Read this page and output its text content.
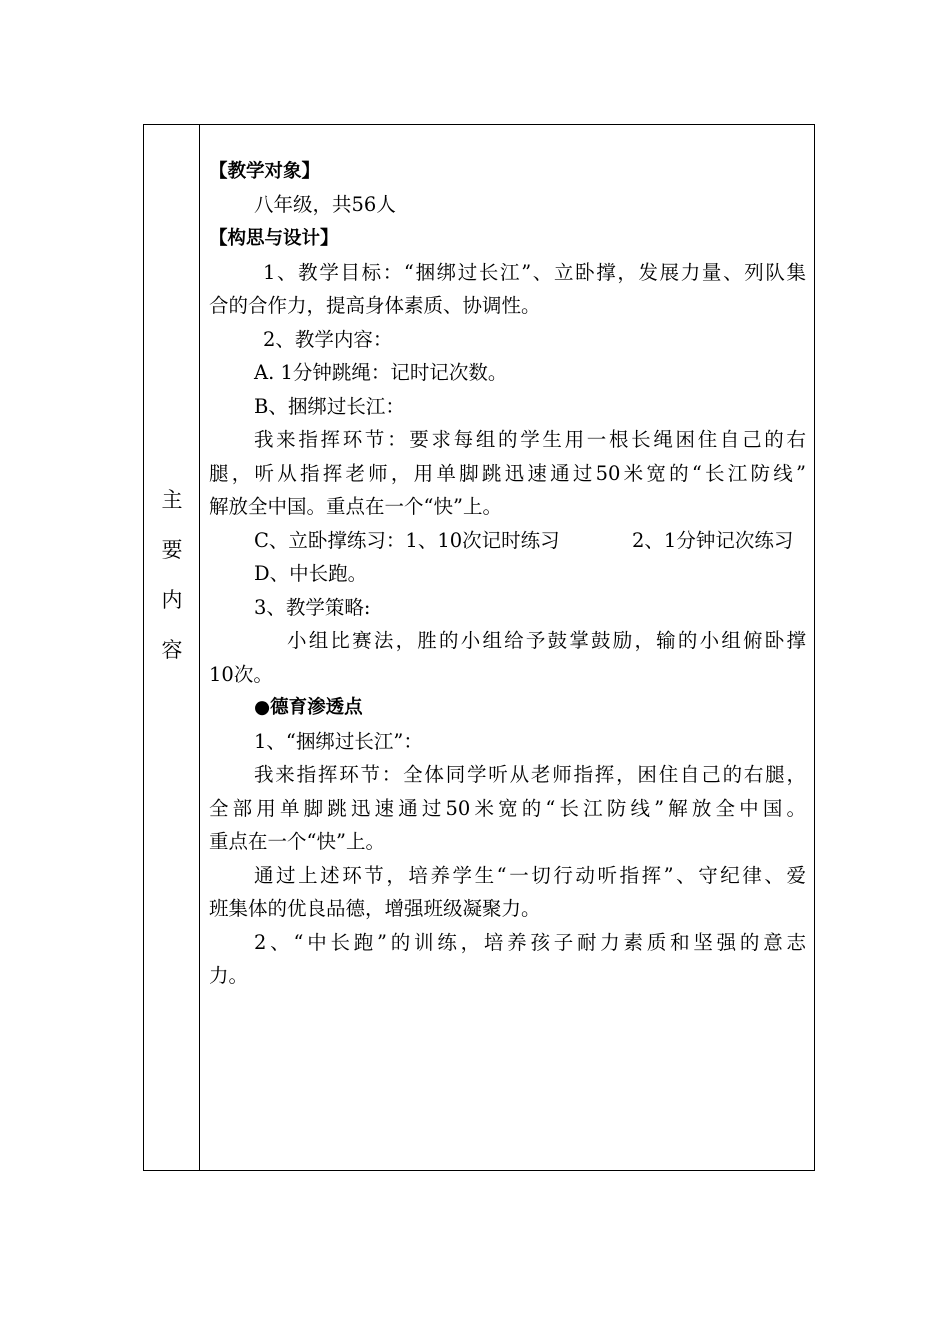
主
要
内
容
【教学对象】
八年级，共56人
【构思与设计】
1、教学目标：“捆绑过长江”、立卧撑，发展力量、列队集
合的合作力，提高身体素质、协调性。
2、教学内容：
A. 1分钟跳绳：记时记次数。
B、捆绑过长江：
我来指挥环节：要求每组的学生用一根长绳困住自己的右
腿，听从指挥老师，用单脚跳迅速通过50米宽的“长江防线”
解放全中国。重点在一个“快”上。
C、立卧撑练习：1、10次记时练习	2、1分钟记次练习
D、中长跑。
3、教学策略:
小组比赛法，胜的小组给予鼓掌鼓励，输的小组俯卧撑
10次。
●德育渗透点
1、“捆绑过长江”：
我来指挥环节：全体同学听从老师指挥，困住自己的右腿，
全部用单脚跳迅速通过50米宽的“长江防线”解放全中国。
重点在一个“快”上。
通过上述环节，培养学生“一切行动听指挥”、守纪律、爱
班集体的优良品德，增强班级凝聚力。
2、“中长跑”的训练，培养孩子耐力素质和坚强的意志
力。
